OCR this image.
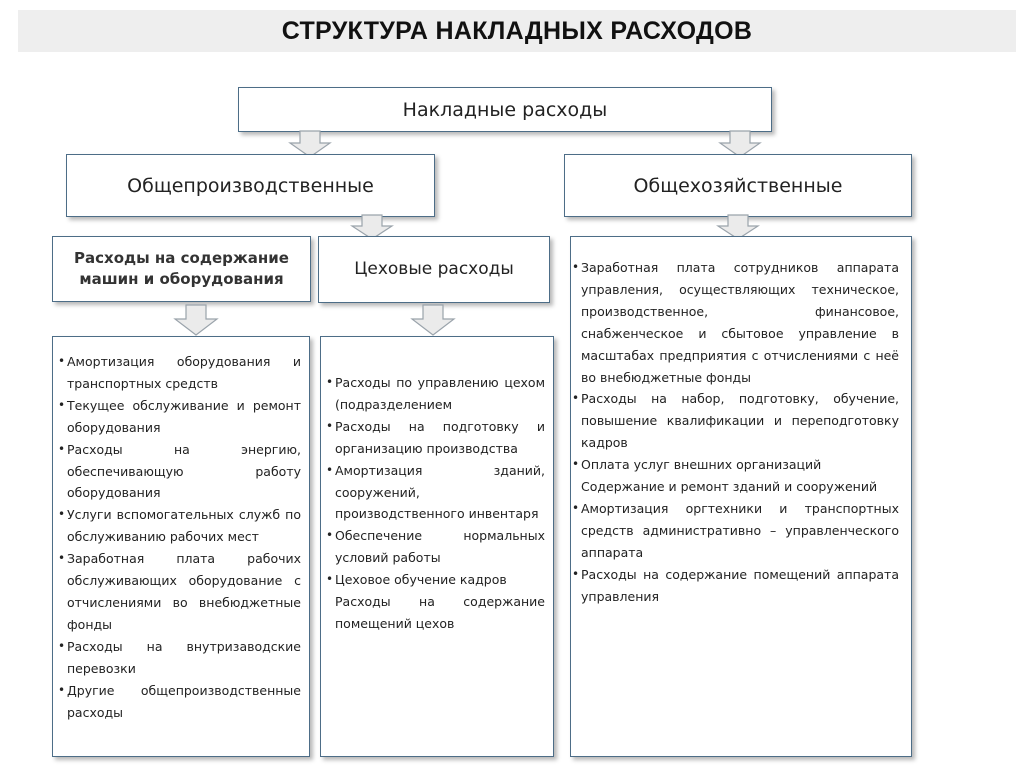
СТРУКТУРА НАКЛАДНЫХ РАСХОДОВ
Накладные расходы
Общепроизводственные	Общехозяйственные
Расходы на содержание машин и оборудования	Цеховые расходы
• Амортизация оборудования и транспортных средств
• Текущее обслуживание и ремонт оборудования
• Расходы на энергию, обеспечивающую работу оборудования
• Услуги вспомогательных служб по обслуживанию рабочих мест
• Заработная плата рабочих обслуживающих оборудование с отчислениями во внебюджетные фонды
• Расходы на внутризаводские перевозки
• Другие общепроизводственные расходы
• Расходы по управлению цехом (подразделением
• Расходы на подготовку и организацию производства
• Амортизация зданий, сооружений, производственного инвентаря
• Обеспечение нормальных условий работы
• Цеховое обучение кадров
Расходы на содержание помещений цехов
• Заработная плата сотрудников аппарата управления, осуществляющих техническое, производственное, финансовое, снабженческое и сбытовое управление в масштабах предприятия с отчислениями с неё во внебюджетные фонды
• Расходы на набор, подготовку, обучение, повышение квалификации и переподготовку кадров
• Оплата услуг внешних организаций
Содержание и ремонт зданий и сооружений
• Амортизация оргтехники и транспортных средств административно – управленческого аппарата
• Расходы на содержание помещений аппарата управления
